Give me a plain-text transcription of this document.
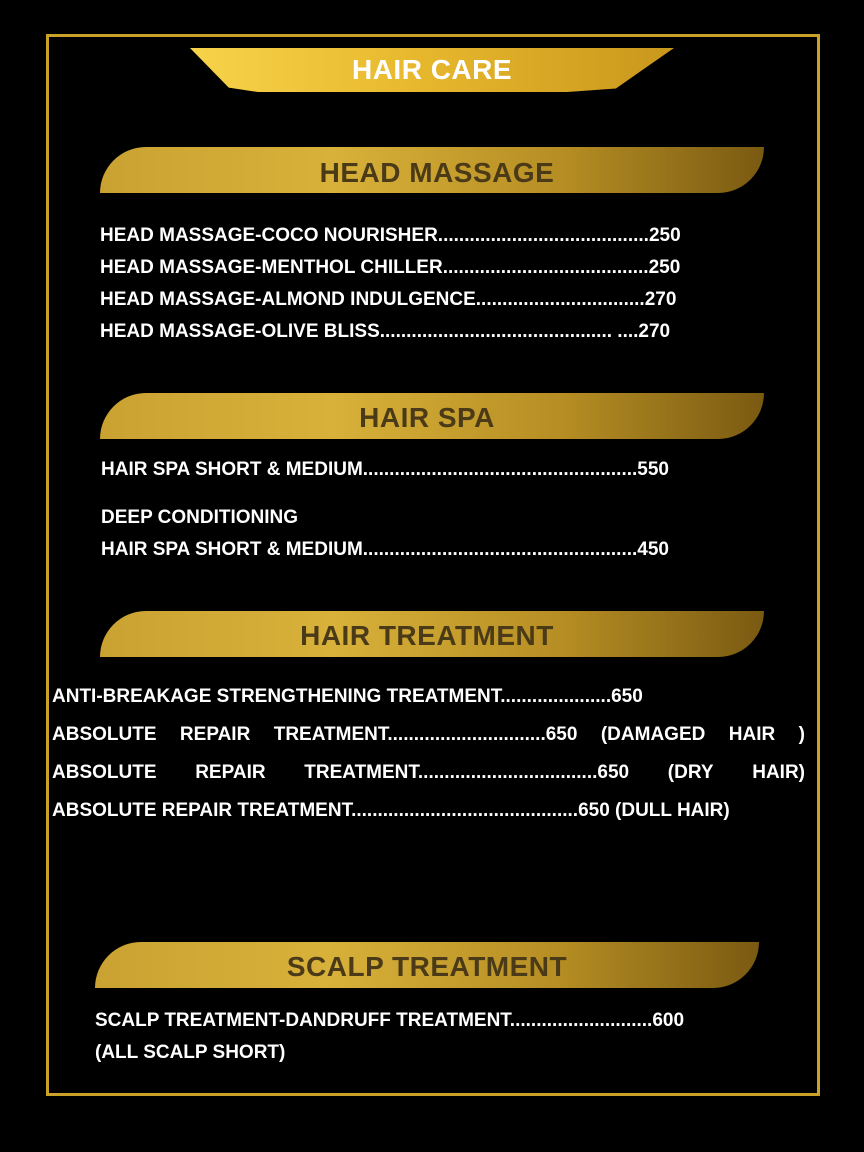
HAIR CARE
HEAD MASSAGE
HEAD MASSAGE-COCO NOURISHER........................................250
HEAD MASSAGE-MENTHOL CHILLER.......................................250
HEAD MASSAGE-ALMOND INDULGENCE................................270
HEAD MASSAGE-OLIVE BLISS............................................ ....270
HAIR SPA
HAIR SPA SHORT & MEDIUM....................................................550
DEEP CONDITIONING
HAIR SPA SHORT & MEDIUM....................................................450
HAIR TREATMENT
ANTI-BREAKAGE STRENGTHENING TREATMENT.....................650
ABSOLUTE REPAIR TREATMENT..............................650 (DAMAGED HAIR )
ABSOLUTE REPAIR TREATMENT..................................650 (DRY HAIR)
ABSOLUTE REPAIR TREATMENT...........................................650 (DULL HAIR)
SCALP TREATMENT
SCALP TREATMENT-DANDRUFF TREATMENT...........................600
(ALL SCALP SHORT)
